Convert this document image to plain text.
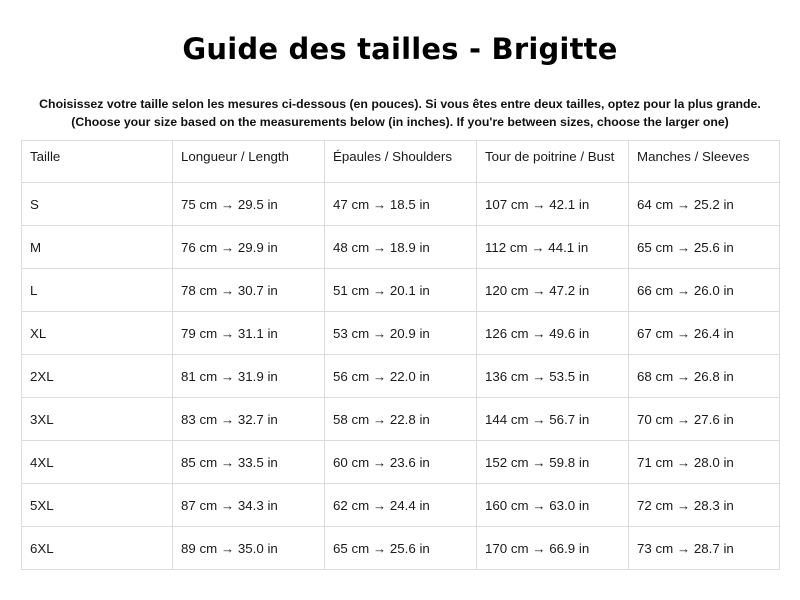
Guide des tailles - Brigitte

Choisissez votre taille selon les mesures ci-dessous (en pouces). Si vous êtes entre deux tailles, optez pour la plus grande.

(Choose your size based on the measurements below (in inches). If you're between sizes, choose the larger one)

Taille	Longueur / Length	Épaules / Shoulders	Tour de poitrine / Bust	Manches / Sleeves
S	75 cm → 29.5 in	47 cm → 18.5 in	107 cm → 42.1 in	64 cm → 25.2 in
M	76 cm → 29.9 in	48 cm → 18.9 in	112 cm → 44.1 in	65 cm → 25.6 in
L	78 cm → 30.7 in	51 cm → 20.1 in	120 cm → 47.2 in	66 cm → 26.0 in
XL	79 cm → 31.1 in	53 cm → 20.9 in	126 cm → 49.6 in	67 cm → 26.4 in
2XL	81 cm → 31.9 in	56 cm → 22.0 in	136 cm → 53.5 in	68 cm → 26.8 in
3XL	83 cm → 32.7 in	58 cm → 22.8 in	144 cm → 56.7 in	70 cm → 27.6 in
4XL	85 cm → 33.5 in	60 cm → 23.6 in	152 cm → 59.8 in	71 cm → 28.0 in
5XL	87 cm → 34.3 in	62 cm → 24.4 in	160 cm → 63.0 in	72 cm → 28.3 in
6XL	89 cm → 35.0 in	65 cm → 25.6 in	170 cm → 66.9 in	73 cm → 28.7 in
